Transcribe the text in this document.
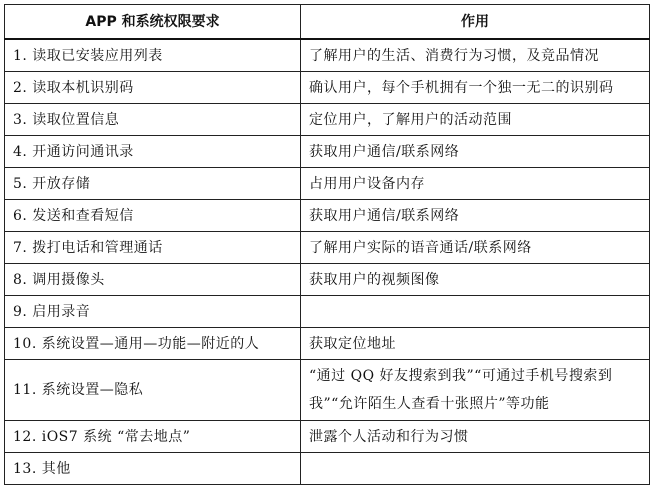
APP 和系统权限要求	作用
1. 读取已安装应用列表	了解用户的生活、消费行为习惯，及竞品情况
2. 读取本机识别码	确认用户，每个手机拥有一个独一无二的识别码
3. 读取位置信息	定位用户，了解用户的活动范围
4. 开通访问通讯录	获取用户通信/联系网络
5. 开放存储	占用用户设备内存
6. 发送和查看短信	获取用户通信/联系网络
7. 拨打电话和管理通话	了解用户实际的语音通话/联系网络
8. 调用摄像头	获取用户的视频图像
9. 启用录音	
10. 系统设置—通用—功能—附近的人	获取定位地址
11. 系统设置—隐私	“通过 QQ 好友搜索到我”“可通过手机号搜索到我”“允许陌生人查看十张照片”等功能
12. iOS7 系统 “常去地点”	泄露个人活动和行为习惯
13. 其他	
